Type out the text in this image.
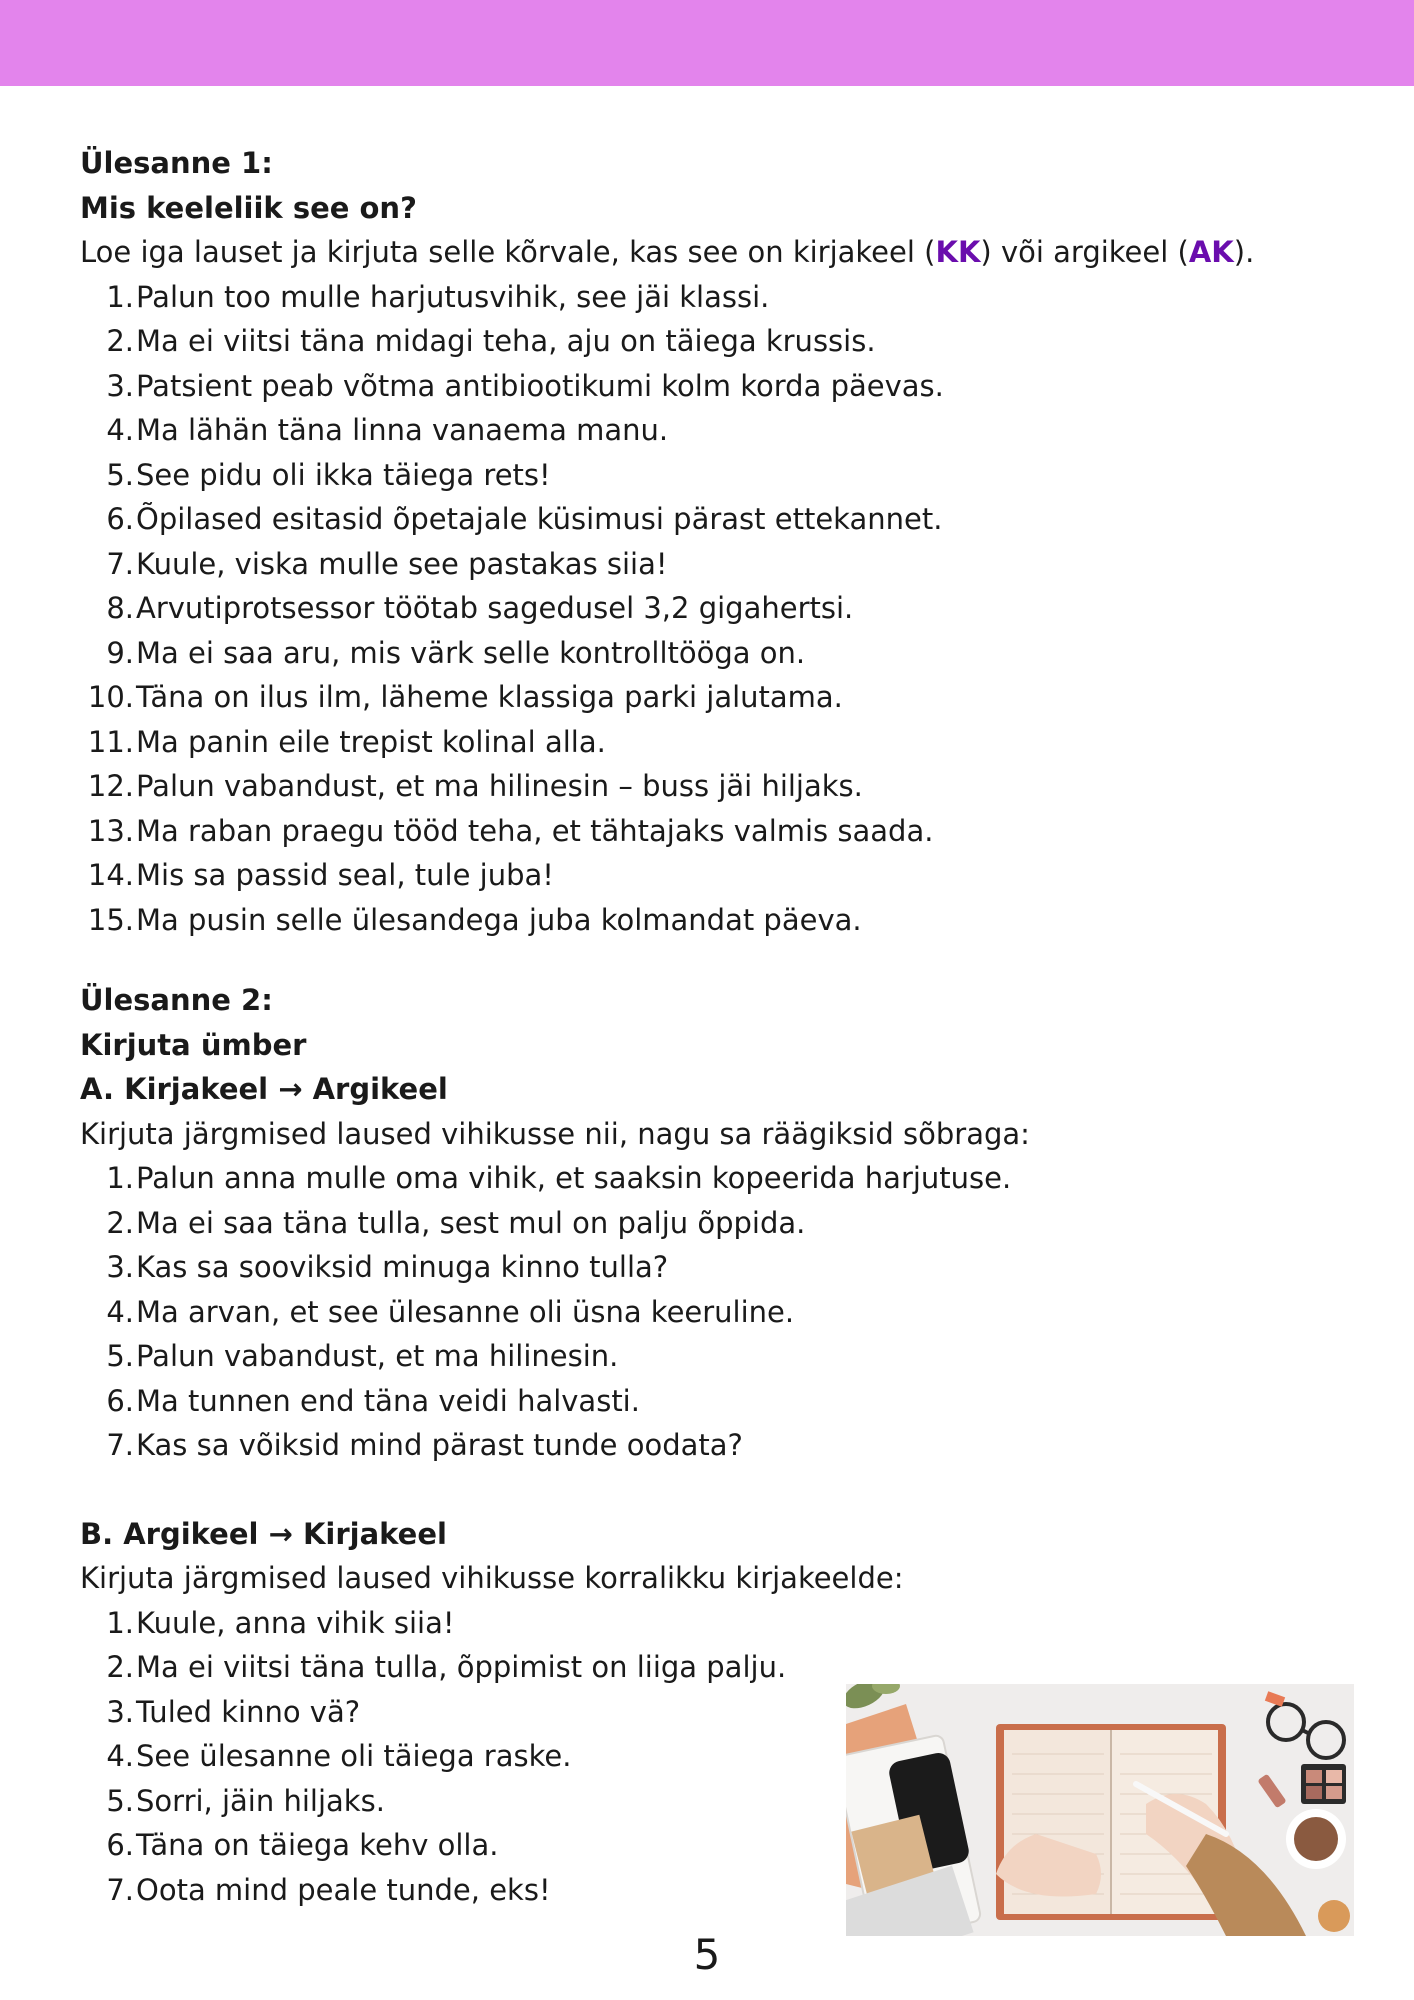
Ülesanne 1:
Mis keeleliik see on?

Loe iga lauset ja kirjuta selle kõrvale, kas see on kirjakeel (KK) või argikeel (AK).

1. Palun too mulle harjutusvihik, see jäi klassi.
2. Ma ei viitsi täna midagi teha, aju on täiega krussis.
3. Patsient peab võtma antibiootikumi kolm korda päevas.
4. Ma lähän täna linna vanaema manu.
5. See pidu oli ikka täiega rets!
6. Õpilased esitasid õpetajale küsimusi pärast ettekannet.
7. Kuule, viska mulle see pastakas siia!
8. Arvutiprotsessor töötab sagedusel 3,2 gigahertsi.
9. Ma ei saa aru, mis värk selle kontrolltööga on.
10. Täna on ilus ilm, läheme klassiga parki jalutama.
11. Ma panin eile trepist kolinal alla.
12. Palun vabandust, et ma hilinesin – buss jäi hiljaks.
13. Ma raban praegu tööd teha, et tähtajaks valmis saada.
14. Mis sa passid seal, tule juba!
15. Ma pusin selle ülesandega juba kolmandat päeva.
Ülesanne 2:
Kirjuta ümber
A. Kirjakeel → Argikeel

Kirjuta järgmised laused vihikusse nii, nagu sa räägiksid sõbraga:

1. Palun anna mulle oma vihik, et saaksin kopeerida harjutuse.
2. Ma ei saa täna tulla, sest mul on palju õppida.
3. Kas sa sooviksid minuga kinno tulla?
4. Ma arvan, et see ülesanne oli üsna keeruline.
5. Palun vabandust, et ma hilinesin.
6. Ma tunnen end täna veidi halvasti.
7. Kas sa võiksid mind pärast tunde oodata?
B. Argikeel → Kirjakeel

Kirjuta järgmised laused vihikusse korralikku kirjakeelde:

1. Kuule, anna vihik siia!
2. Ma ei viitsi täna tulla, õppimist on liiga palju.
3. Tuled kinno vä?
4. See ülesanne oli täiega raske.
5. Sorri, jäin hiljaks.
6. Täna on täiega kehv olla.
7. Oota mind peale tunde, eks!
5
